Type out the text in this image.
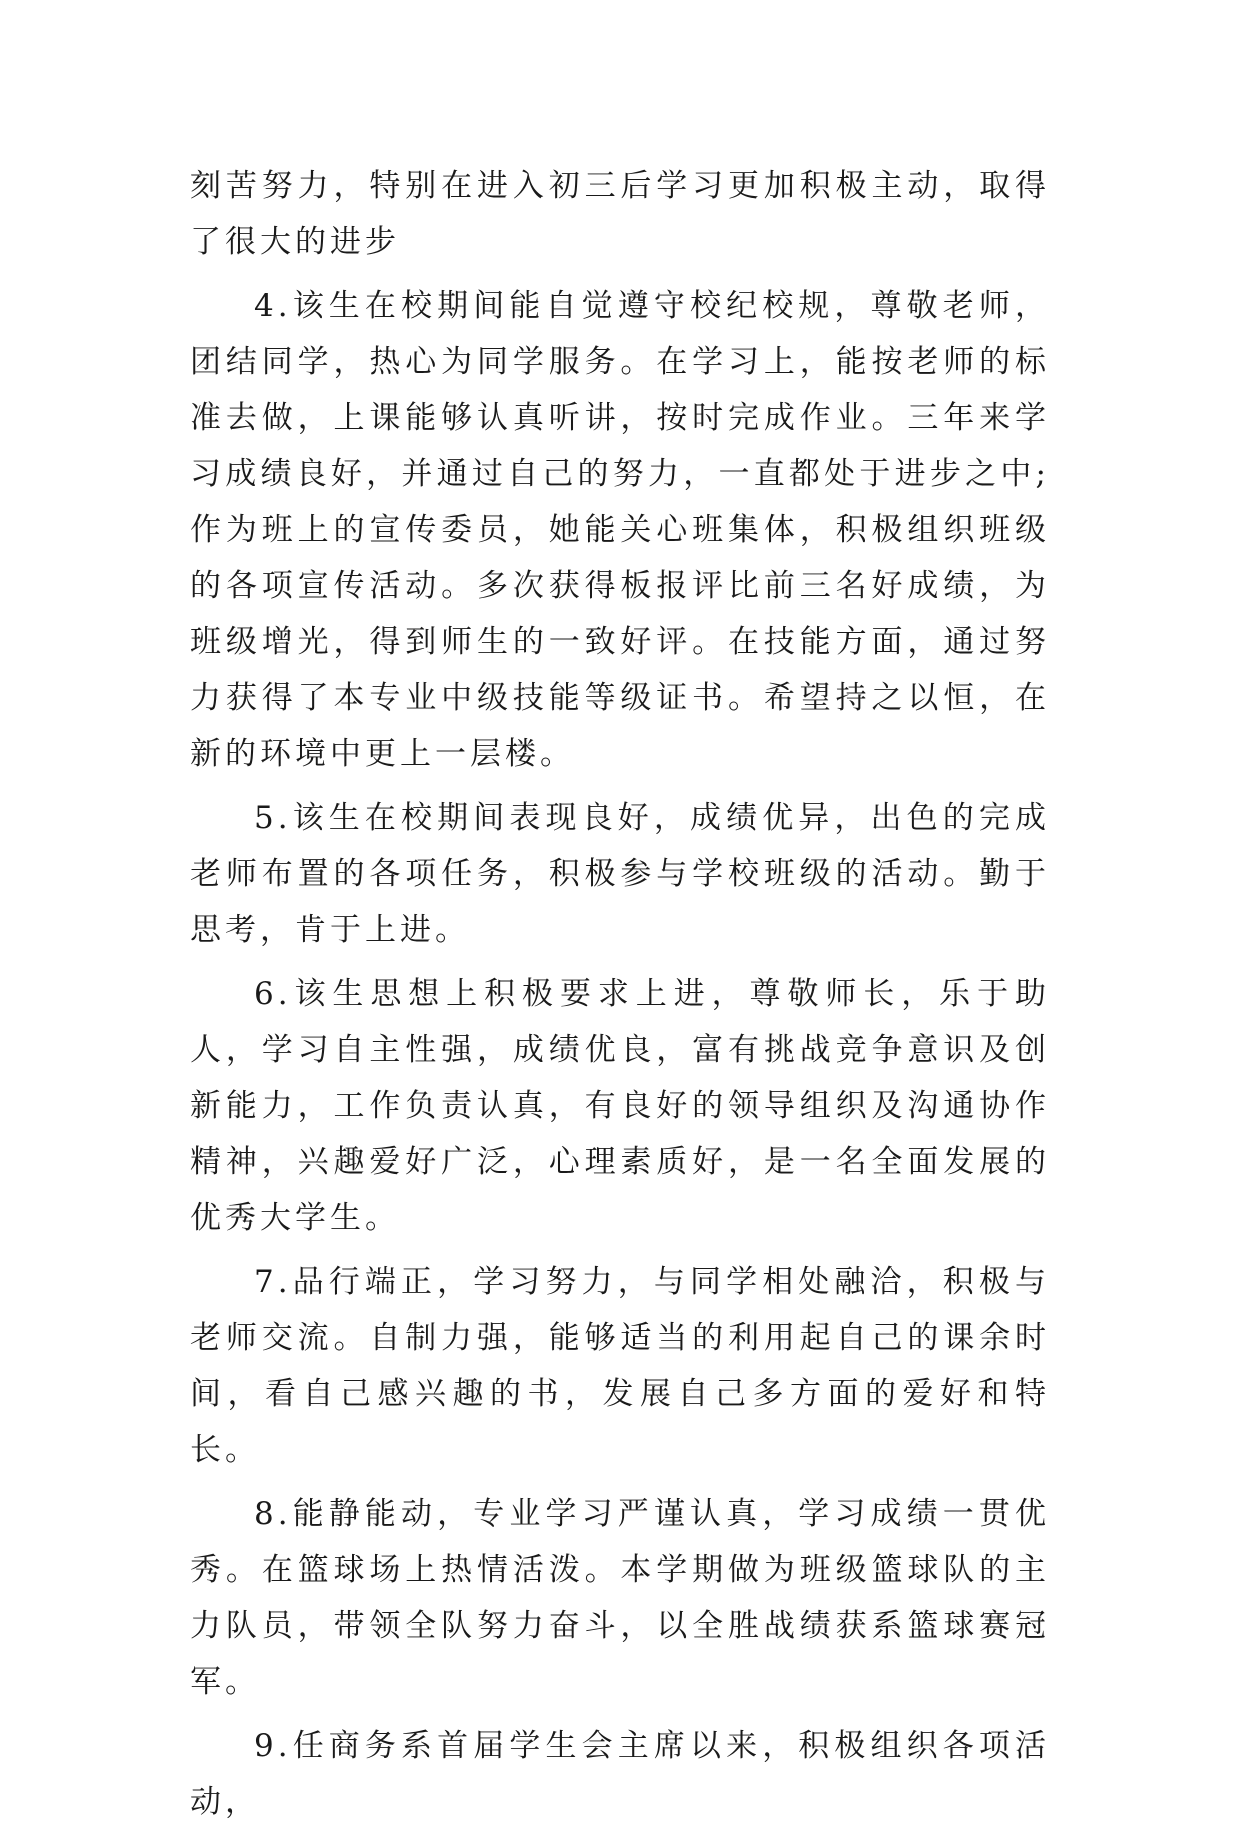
刻苦努力，特别在进入初三后学习更加积极主动，取得了很大的进步

4.该生在校期间能自觉遵守校纪校规，尊敬老师，团结同学，热心为同学服务。在学习上，能按老师的标准去做，上课能够认真听讲，按时完成作业。三年来学习成绩良好，并通过自己的努力，一直都处于进步之中;作为班上的宣传委员，她能关心班集体，积极组织班级的各项宣传活动。多次获得板报评比前三名好成绩，为班级增光，得到师生的一致好评。在技能方面，通过努力获得了本专业中级技能等级证书。希望持之以恒，在新的环境中更上一层楼。

5.该生在校期间表现良好，成绩优异，出色的完成老师布置的各项任务，积极参与学校班级的活动。勤于思考，肯于上进。

6.该生思想上积极要求上进，尊敬师长，乐于助人，学习自主性强，成绩优良，富有挑战竞争意识及创新能力，工作负责认真，有良好的领导组织及沟通协作精神，兴趣爱好广泛，心理素质好，是一名全面发展的优秀大学生。

7.品行端正，学习努力，与同学相处融洽，积极与老师交流。自制力强，能够适当的利用起自己的课余时间，看自己感兴趣的书，发展自己多方面的爱好和特长。

8.能静能动，专业学习严谨认真，学习成绩一贯优秀。在篮球场上热情活泼。本学期做为班级篮球队的主力队员，带领全队努力奋斗，以全胜战绩获系篮球赛冠军。

9.任商务系首届学生会主席以来，积极组织各项活动，
